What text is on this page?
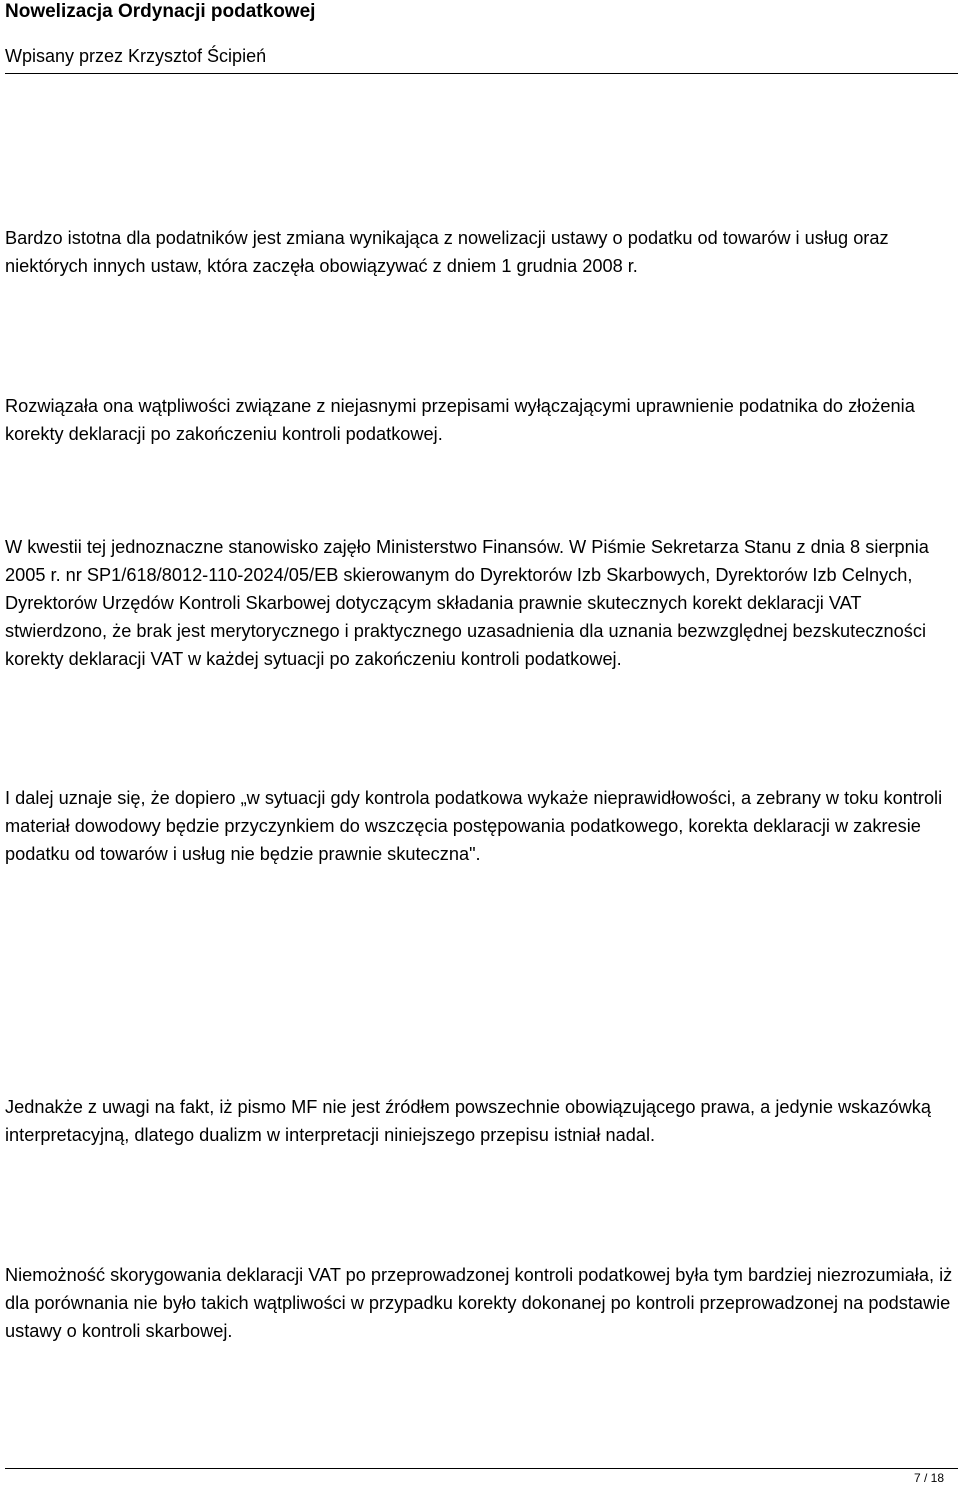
Nowelizacja Ordynacji podatkowej
Wpisany przez Krzysztof Ścipień

Bardzo istotna dla podatników jest zmiana wynikająca z nowelizacji ustawy o podatku od towarów i usług oraz niektórych innych ustaw, która zaczęła obowiązywać z dniem 1 grudnia 2008 r.

Rozwiązała ona wątpliwości związane z niejasnymi przepisami wyłączającymi uprawnienie podatnika do złożenia korekty deklaracji po zakończeniu kontroli podatkowej.

W kwestii tej jednoznaczne stanowisko zajęło Ministerstwo Finansów. W Piśmie Sekretarza Stanu z dnia 8 sierpnia 2005 r. nr SP1/618/8012-110-2024/05/EB skierowanym do Dyrektorów Izb Skarbowych, Dyrektorów Izb Celnych, Dyrektorów Urzędów Kontroli Skarbowej dotyczącym składania prawnie skutecznych korekt deklaracji VAT stwierdzono, że brak jest merytorycznego i praktycznego uzasadnienia dla uznania bezwzględnej bezskuteczności korekty deklaracji VAT w każdej sytuacji po zakończeniu kontroli podatkowej.

I dalej uznaje się, że dopiero „w sytuacji gdy kontrola podatkowa wykaże nieprawidłowości, a zebrany w toku kontroli materiał dowodowy będzie przyczynkiem do wszczęcia postępowania podatkowego, korekta deklaracji w zakresie podatku od towarów i usług nie będzie prawnie skuteczna".

Jednakże z uwagi na fakt, iż pismo MF nie jest źródłem powszechnie obowiązującego prawa, a jedynie wskazówką interpretacyjną, dlatego dualizm w interpretacji niniejszego przepisu istniał nadal.

Niemożność skorygowania deklaracji VAT po przeprowadzonej kontroli podatkowej była tym bardziej niezrozumiała, iż dla porównania nie było takich wątpliwości w przypadku korekty dokonanej po kontroli przeprowadzonej na podstawie ustawy o kontroli skarbowej.

7 / 18
